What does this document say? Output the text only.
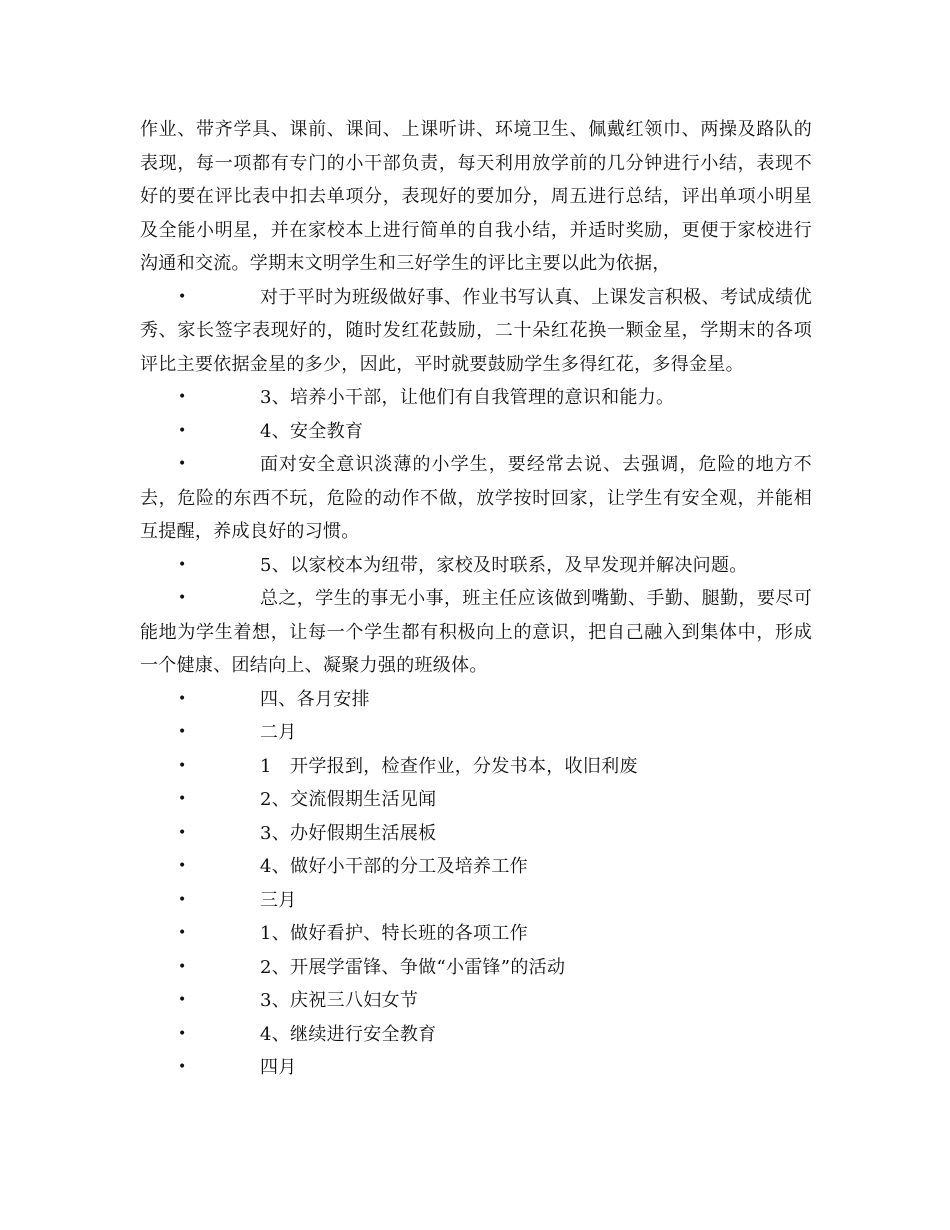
作业、带齐学具、课前、课间、上课听讲、环境卫生、佩戴红领巾、两操及路队的表现，每一项都有专门的小干部负责，每天利用放学前的几分钟进行小结，表现不好的要在评比表中扣去单项分，表现好的要加分，周五进行总结，评出单项小明星及全能小明星，并在家校本上进行简单的自我小结，并适时奖励，更便于家校进行沟通和交流。学期末文明学生和三好学生的评比主要以此为依据，

• 对于平时为班级做好事、作业书写认真、上课发言积极、考试成绩优秀、家长签字表现好的，随时发红花鼓励，二十朵红花换一颗金星，学期末的各项评比主要依据金星的多少，因此，平时就要鼓励学生多得红花，多得金星。

• 3、培养小干部，让他们有自我管理的意识和能力。

• 4、安全教育

• 面对安全意识淡薄的小学生，要经常去说、去强调，危险的地方不去，危险的东西不玩，危险的动作不做，放学按时回家，让学生有安全观，并能相互提醒，养成良好的习惯。

• 5、以家校本为纽带，家校及时联系，及早发现并解决问题。

• 总之，学生的事无小事，班主任应该做到嘴勤、手勤、腿勤，要尽可能地为学生着想，让每一个学生都有积极向上的意识，把自己融入到集体中，形成一个健康、团结向上、凝聚力强的班级体。

• 四、各月安排

• 二月

• 1　开学报到，检查作业，分发书本，收旧利废

• 2、交流假期生活见闻

• 3、办好假期生活展板

• 4、做好小干部的分工及培养工作

• 三月

• 1、做好看护、特长班的各项工作

• 2、开展学雷锋、争做“小雷锋”的活动

• 3、庆祝三八妇女节

• 4、继续进行安全教育

• 四月
